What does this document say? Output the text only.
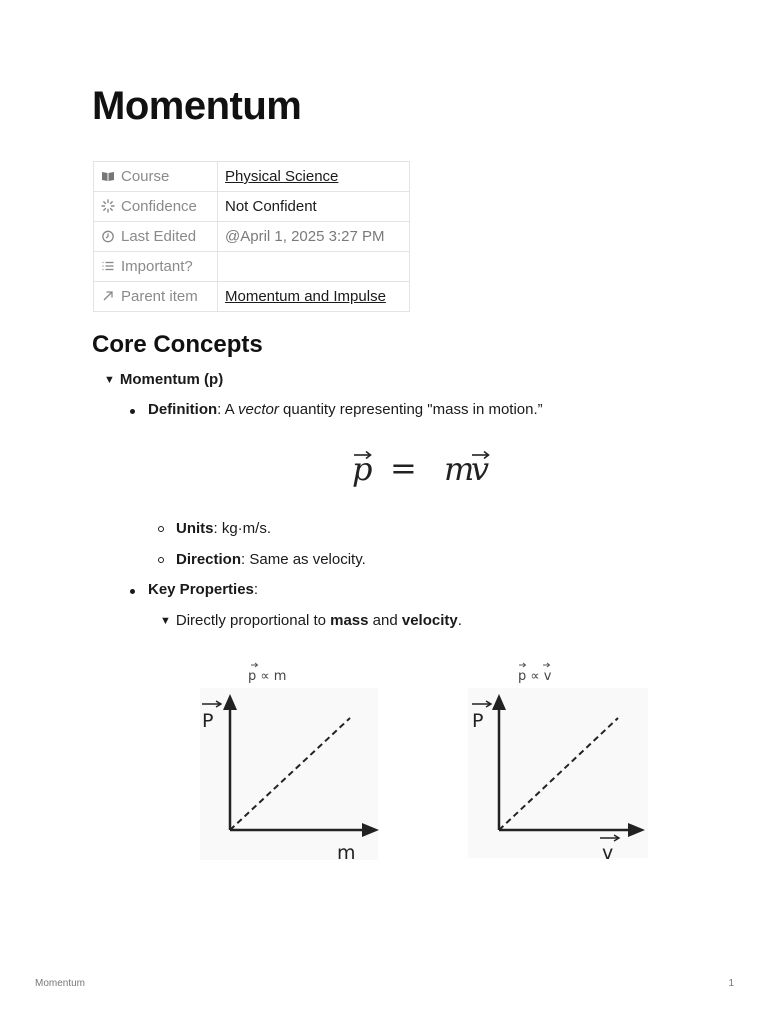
Momentum
Course	Physical Science
Confidence	Not Confident
Last Edited	@April 1, 2025 3:27 PM
Important?	
Parent item	Momentum and Impulse
Core Concepts
▼ Momentum (p)
Definition: A vector quantity representing "mass in motion.”
p m
v
=
Units: kg·m/s.
Direction: Same as velocity.
Key Properties:
▼ Directly proportional to mass and velocity.
p ∝ m
P
m
p ∝ v
P
v
Momentum	1
